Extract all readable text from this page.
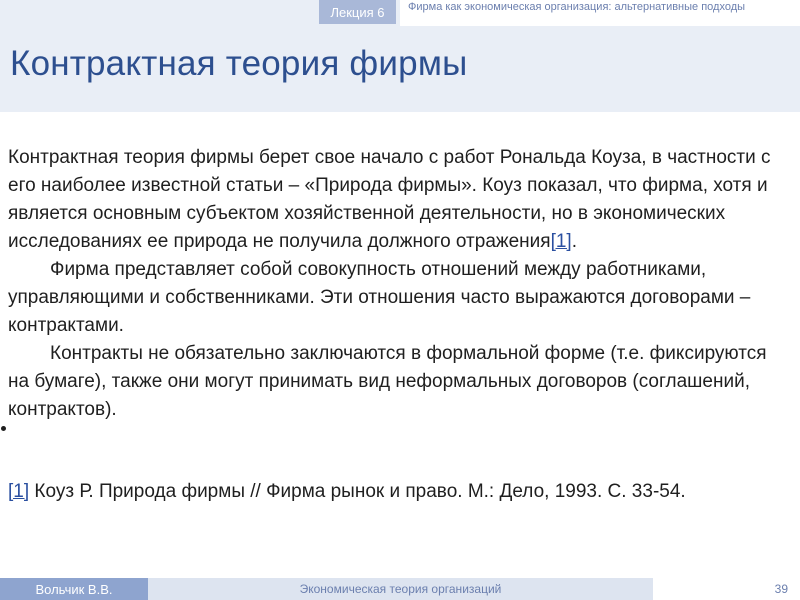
Лекция 6	Фирма как экономическая организация: альтернативные подходы
Контрактная теория фирмы

Контрактная теория фирмы берет свое начало с работ Рональда Коуза, в частности с его наиболее известной статьи – «Природа фирмы». Коуз показал, что фирма, хотя и является основным субъектом хозяйственной деятельности, но в экономических исследованиях ее природа не получила должного отражения[1].

Фирма представляет собой совокупность отношений между работниками, управляющими и собственниками. Эти отношения часто выражаются договорами – контрактами.

Контракты не обязательно заключаются в формальной форме (т.е. фиксируются на бумаге), также они могут принимать вид неформальных договоров (соглашений, контрактов).

[1] Коуз Р. Природа фирмы // Фирма рынок и право. М.: Дело, 1993. С. 33-54.
Вольчик В.В.	Экономическая теория организаций	39
